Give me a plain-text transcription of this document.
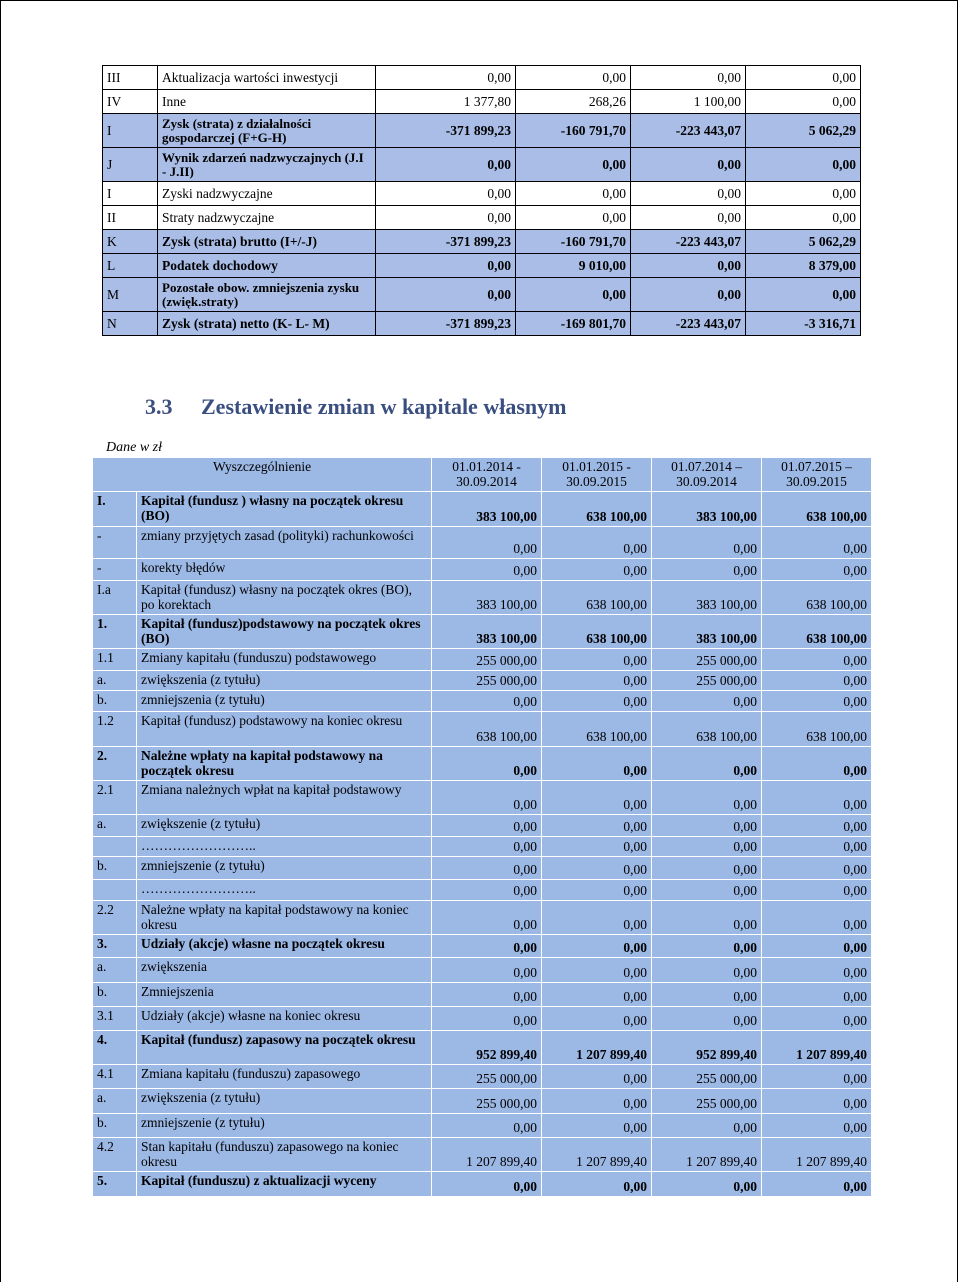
III	Aktualizacja wartości inwestycji	0,00	0,00	0,00	0,00
IV	Inne	1 377,80	268,26	1 100,00	0,00
I	Zysk (strata) z działalności gospodarczej (F+G-H)	-371 899,23	-160 791,70	-223 443,07	5 062,29
J	Wynik zdarzeń nadzwyczajnych (J.I - J.II)	0,00	0,00	0,00	0,00
I	Zyski nadzwyczajne	0,00	0,00	0,00	0,00
II	Straty nadzwyczajne	0,00	0,00	0,00	0,00
K	Zysk (strata) brutto (I+/-J)	-371 899,23	-160 791,70	-223 443,07	5 062,29
L	Podatek dochodowy	0,00	9 010,00	0,00	8 379,00
M	Pozostałe obow. zmniejszenia zysku (zwięk.straty)	0,00	0,00	0,00	0,00
N	Zysk (strata) netto (K- L- M)	-371 899,23	-169 801,70	-223 443,07	-3 316,71
3.3 Zestawienie zmian w kapitale własnym
Dane w zł
Wyszczególnienie		01.01.2014 - 30.09.2014	01.01.2015 - 30.09.2015	01.07.2014 – 30.09.2014	01.07.2015 – 30.09.2015
I.	Kapitał (fundusz ) własny na początek okresu (BO)	383 100,00	638 100,00	383 100,00	638 100,00
-	zmiany przyjętych zasad (polityki) rachunkowości	0,00	0,00	0,00	0,00
-	korekty błędów	0,00	0,00	0,00	0,00
I.a	Kapitał (fundusz) własny na początek okres (BO), po korektach	383 100,00	638 100,00	383 100,00	638 100,00
1.	Kapitał (fundusz)podstawowy na początek okres (BO)	383 100,00	638 100,00	383 100,00	638 100,00
1.1	Zmiany kapitału (funduszu) podstawowego	255 000,00	0,00	255 000,00	0,00
a.	zwiększenia (z tytułu)	255 000,00	0,00	255 000,00	0,00
b.	zmniejszenia (z tytułu)	0,00	0,00	0,00	0,00
1.2	Kapitał (fundusz) podstawowy na koniec okresu	638 100,00	638 100,00	638 100,00	638 100,00
2.	Należne wpłaty na kapitał podstawowy na początek okresu	0,00	0,00	0,00	0,00
2.1	Zmiana należnych wpłat na kapitał podstawowy	0,00	0,00	0,00	0,00
a.	zwiększenie (z tytułu)	0,00	0,00	0,00	0,00
	……………………..	0,00	0,00	0,00	0,00
b.	zmniejszenie (z tytułu)	0,00	0,00	0,00	0,00
	……………………..	0,00	0,00	0,00	0,00
2.2	Należne wpłaty na kapitał podstawowy na koniec okresu	0,00	0,00	0,00	0,00
3.	Udziały (akcje) własne na początek okresu	0,00	0,00	0,00	0,00
a.	zwiększenia	0,00	0,00	0,00	0,00
b.	Zmniejszenia	0,00	0,00	0,00	0,00
3.1	Udziały (akcje) własne na koniec okresu	0,00	0,00	0,00	0,00
4.	Kapitał (fundusz) zapasowy na początek okresu	952 899,40	1 207 899,40	952 899,40	1 207 899,40
4.1	Zmiana kapitału (funduszu) zapasowego	255 000,00	0,00	255 000,00	0,00
a.	zwiększenia (z tytułu)	255 000,00	0,00	255 000,00	0,00
b.	zmniejszenie (z tytułu)	0,00	0,00	0,00	0,00
4.2	Stan kapitału (funduszu) zapasowego na koniec okresu	1 207 899,40	1 207 899,40	1 207 899,40	1 207 899,40
5.	Kapitał (funduszu) z aktualizacji wyceny	0,00	0,00	0,00	0,00
